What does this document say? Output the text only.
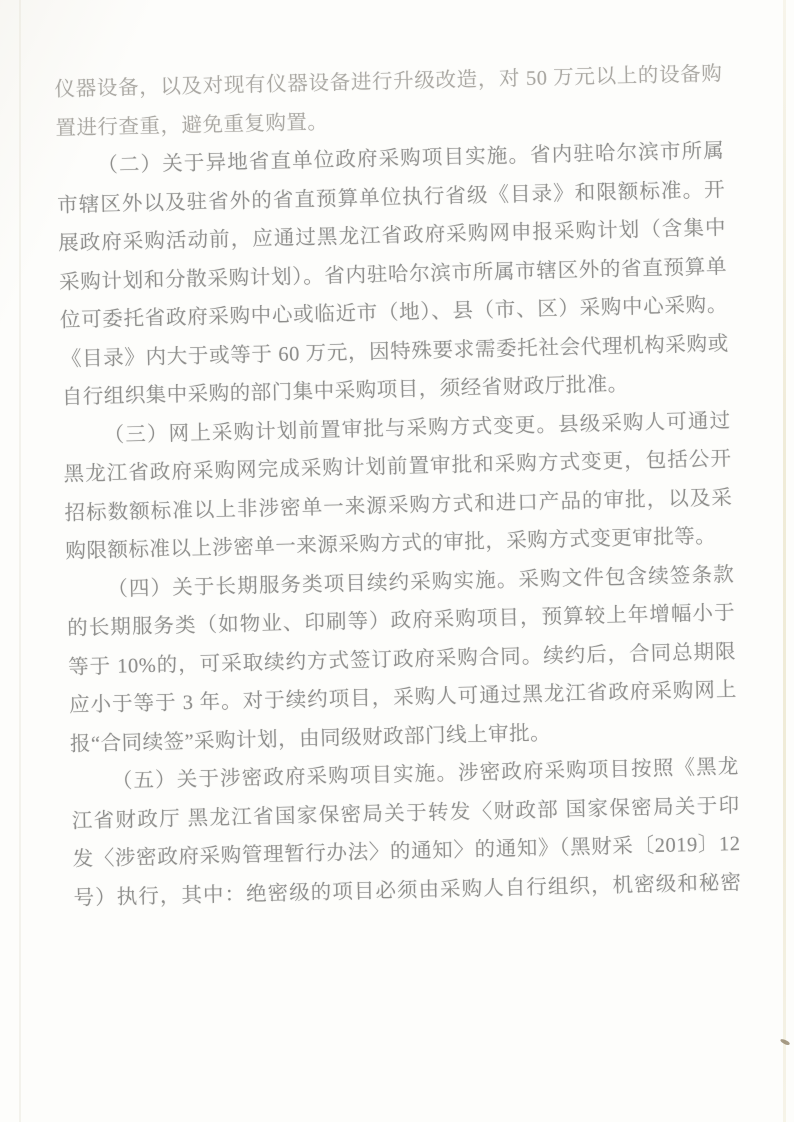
仪器设备，以及对现有仪器设备进行升级改造，对 50 万元以上的设备购
置进行查重，避免重复购置。
（二）关于异地省直单位政府采购项目实施。省内驻哈尔滨市所属
市辖区外以及驻省外的省直预算单位执行省级《目录》和限额标准。开
展政府采购活动前，应通过黑龙江省政府采购网申报采购计划（含集中
采购计划和分散采购计划）。省内驻哈尔滨市所属市辖区外的省直预算单
位可委托省政府采购中心或临近市（地）、县（市、区）采购中心采购。
《目录》内大于或等于 60 万元，因特殊要求需委托社会代理机构采购或
自行组织集中采购的部门集中采购项目，须经省财政厅批准。
（三）网上采购计划前置审批与采购方式变更。县级采购人可通过
黑龙江省政府采购网完成采购计划前置审批和采购方式变更，包括公开
招标数额标准以上非涉密单一来源采购方式和进口产品的审批，以及采
购限额标准以上涉密单一来源采购方式的审批，采购方式变更审批等。
（四）关于长期服务类项目续约采购实施。采购文件包含续签条款
的长期服务类（如物业、印刷等）政府采购项目，预算较上年增幅小于
等于 10%的，可采取续约方式签订政府采购合同。续约后，合同总期限
应小于等于 3 年。对于续约项目，采购人可通过黑龙江省政府采购网上
报“合同续签”采购计划，由同级财政部门线上审批。
（五）关于涉密政府采购项目实施。涉密政府采购项目按照《黑龙
江省财政厅 黑龙江省国家保密局关于转发〈财政部 国家保密局关于印
发〈涉密政府采购管理暂行办法〉的通知〉的通知》（黑财采〔2019〕12
号）执行，其中：绝密级的项目必须由采购人自行组织，机密级和秘密
